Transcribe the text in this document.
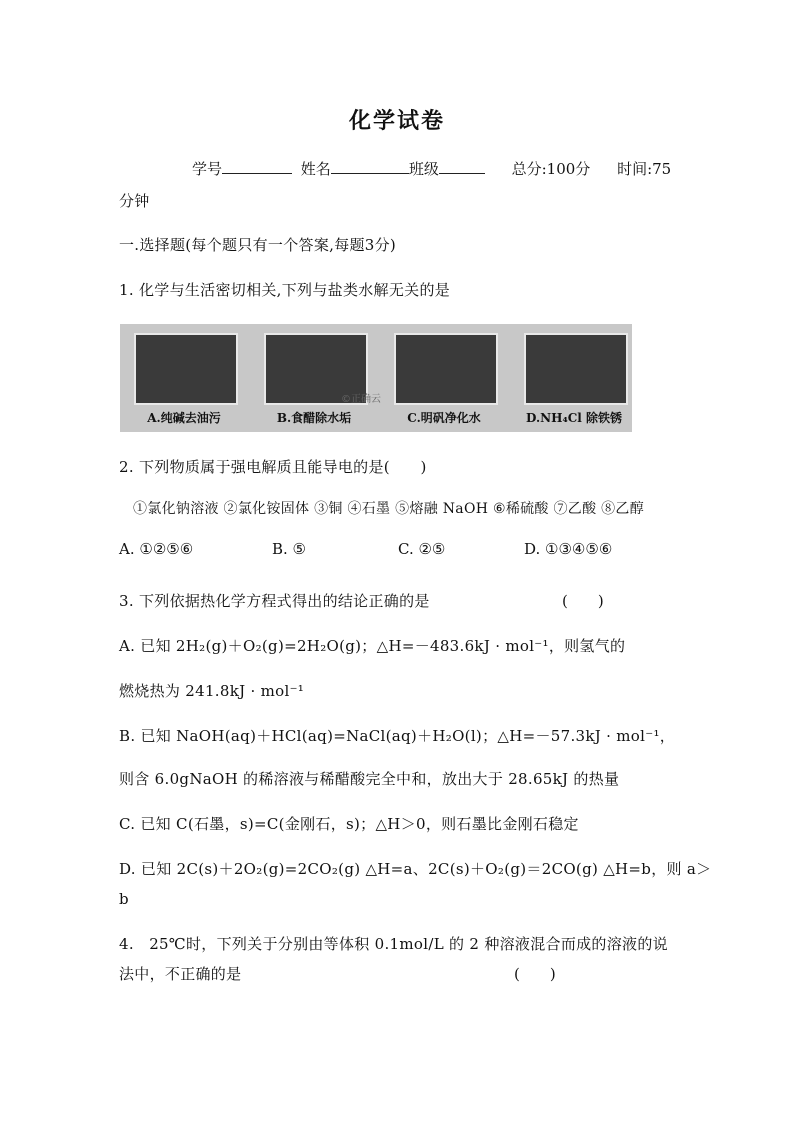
化学试卷
学号	姓名	班级	总分:100分 时间:75
分钟
一.选择题(每个题只有一个答案,每题3分)
1. 化学与生活密切相关,下列与盐类水解无关的是
A.纯碱去油污	B.食醋除水垢	C.明矾净化水	D.NH₄Cl 除铁锈
©正确云
2. 下列物质属于强电解质且能导电的是(　　)
①氯化钠溶液 ②氯化铵固体 ③铜 ④石墨 ⑤熔融 NaOH ⑥稀硫酸 ⑦乙酸 ⑧乙醇
A. ①②⑤⑥	B. ⑤	C. ②⑤	D. ①③④⑤⑥
3. 下列依据热化学方程式得出的结论正确的是	(　　)
A. 已知 2H₂(g)＋O₂(g)=2H₂O(g)；△H=－483.6kJ · mol⁻¹，则氢气的
燃烧热为 241.8kJ · mol⁻¹
B. 已知 NaOH(aq)＋HCl(aq)=NaCl(aq)＋H₂O(l)；△H=－57.3kJ · mol⁻¹，
则含 6.0gNaOH 的稀溶液与稀醋酸完全中和，放出大于 28.65kJ 的热量
C. 已知 C(石墨，s)=C(金刚石，s)；△H＞0，则石墨比金刚石稳定
D. 已知 2C(s)＋2O₂(g)=2CO₂(g) △H=a、2C(s)＋O₂(g)＝2CO(g) △H=b，则 a＞
b
4.　25℃时，下列关于分别由等体积 0.1mol/L 的 2 种溶液混合而成的溶液的说
法中，不正确的是	(　　)
